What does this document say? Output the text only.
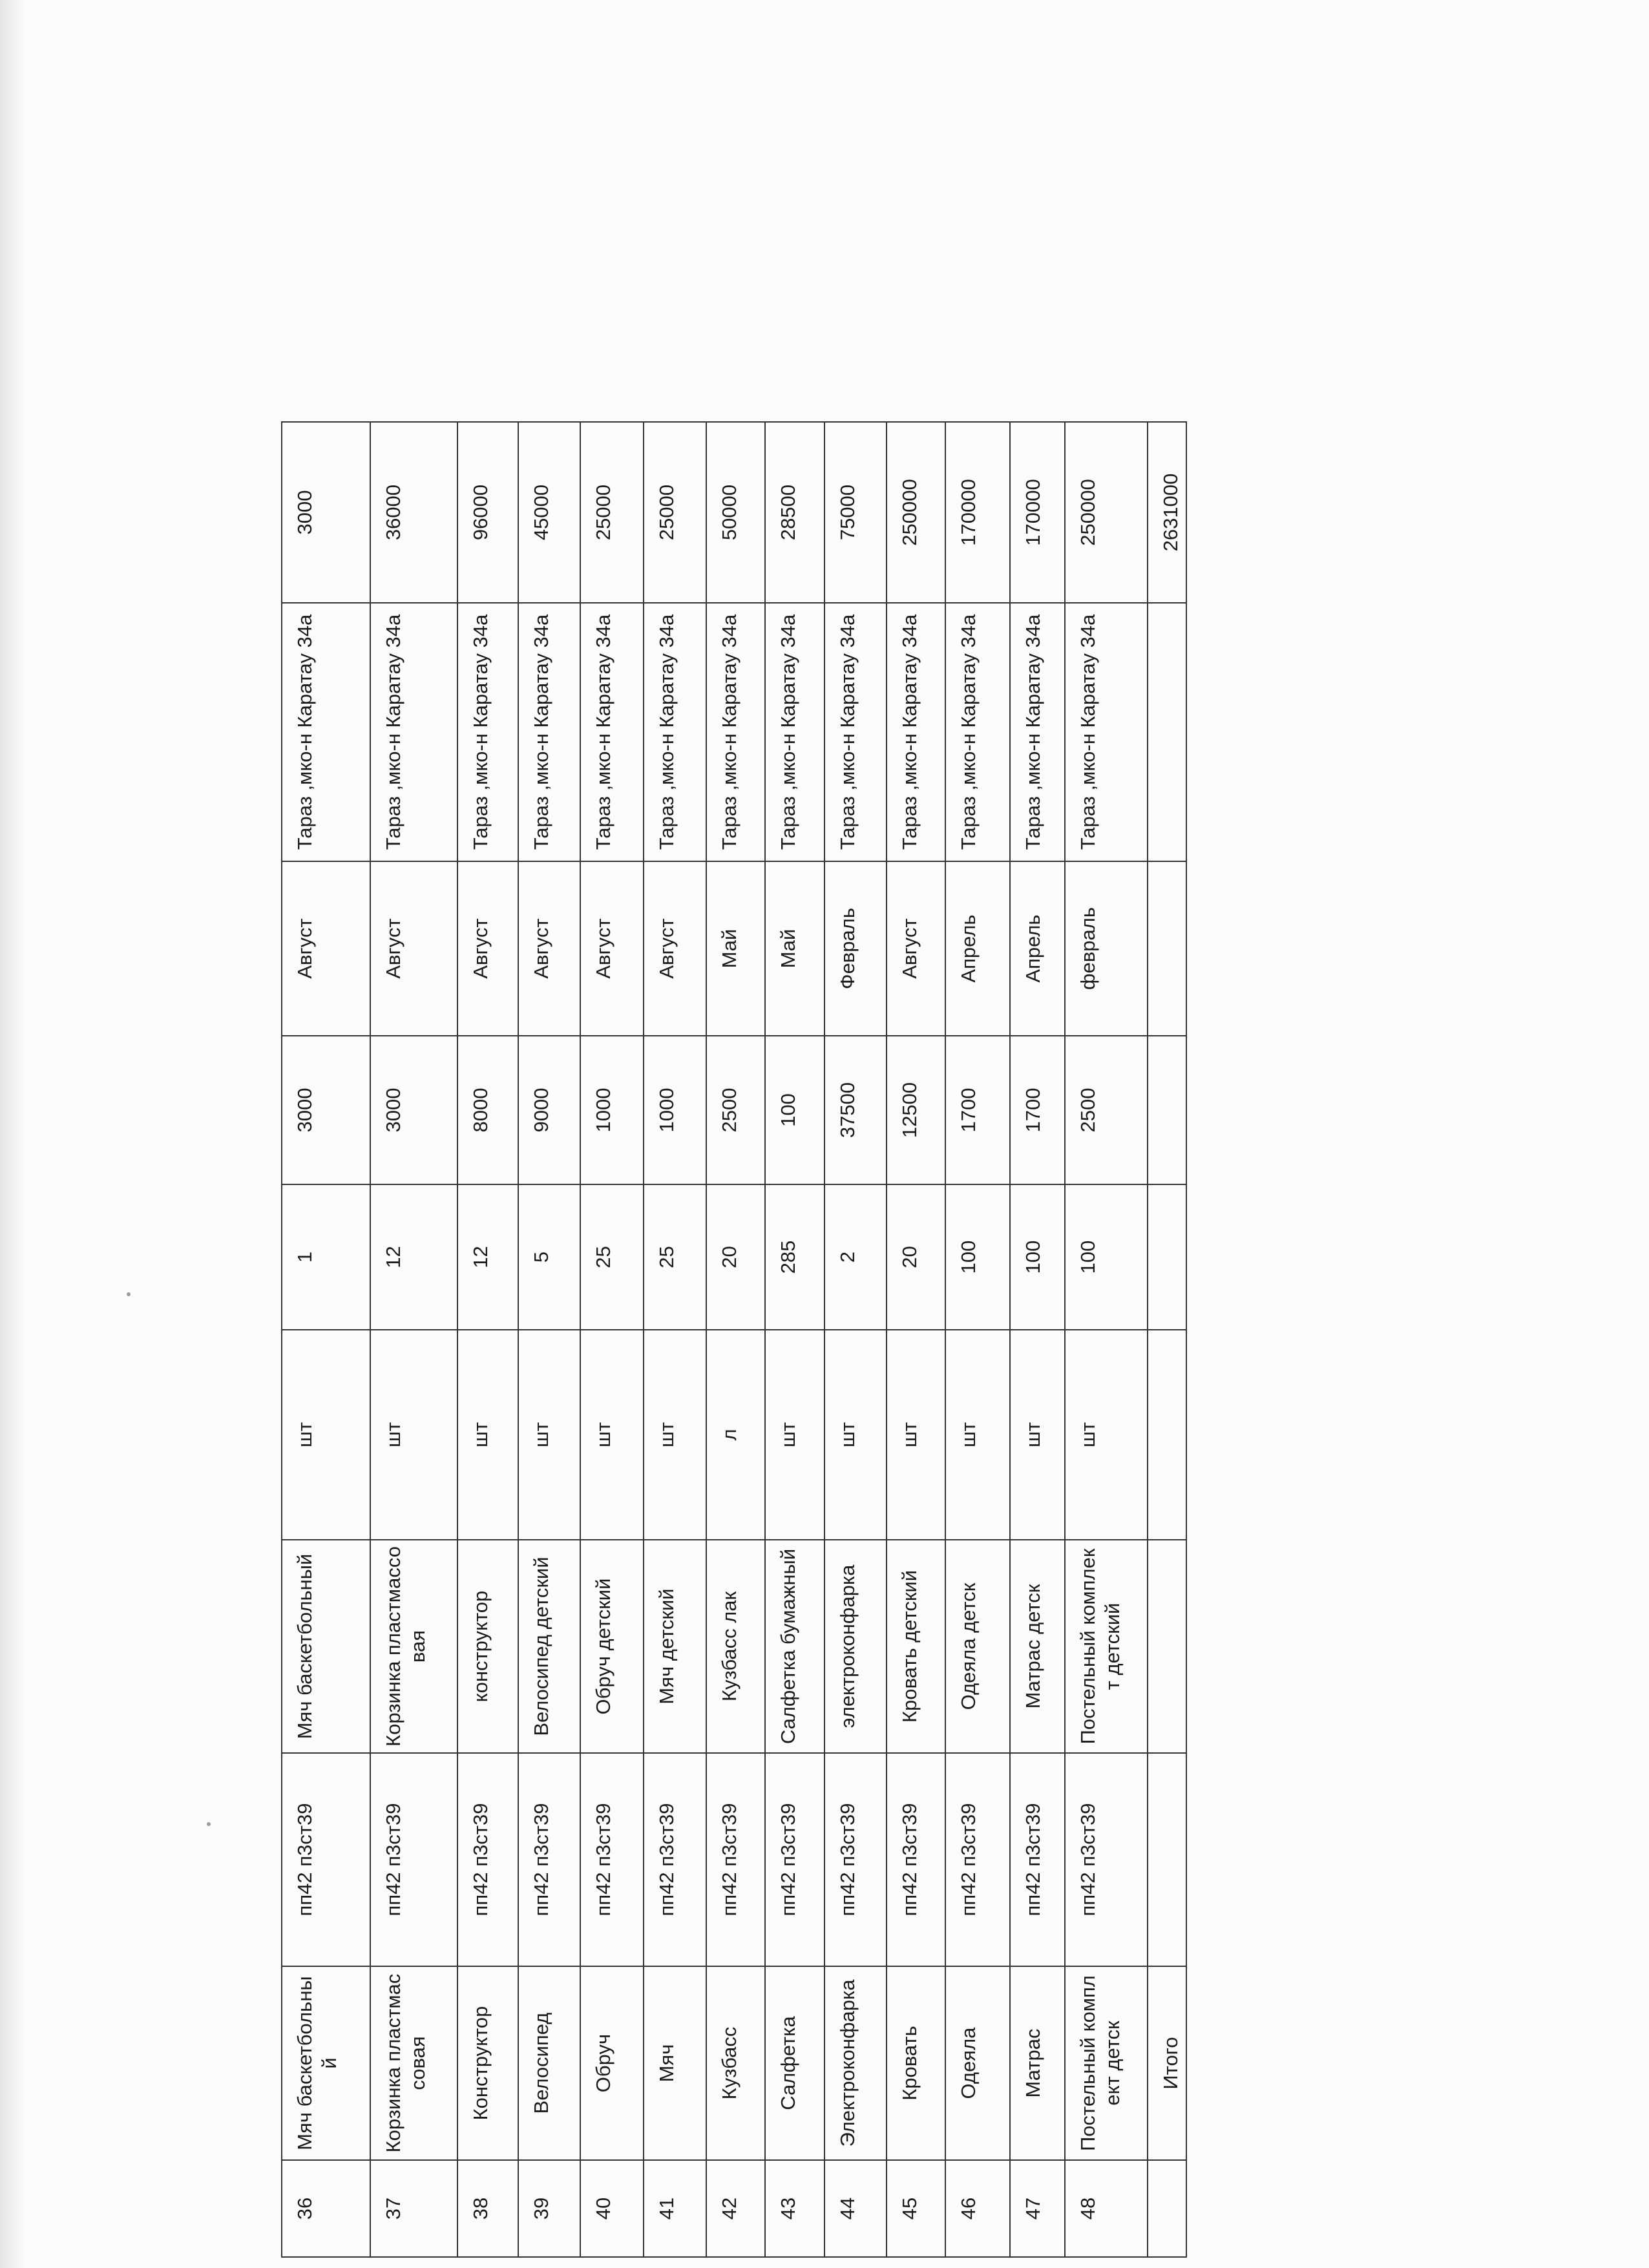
36	Мяч баскетбольный	пп42 п3ст39	Мяч баскетбольный	шт	1	3000	Август	Тараз ,мко-н Каратау 34а	3000
37	Корзинка пластмассовая	пп42 п3ст39	Корзинка пластмассовая	шт	12	3000	Август	Тараз ,мко-н Каратау 34а	36000
38	Конструктор	пп42 п3ст39	конструктор	шт	12	8000	Август	Тараз ,мко-н Каратау 34а	96000
39	Велосипед	пп42 п3ст39	Велосипед детский	шт	5	9000	Август	Тараз ,мко-н Каратау 34а	45000
40	Обруч	пп42 п3ст39	Обруч детский	шт	25	1000	Август	Тараз ,мко-н Каратау 34а	25000
41	Мяч	пп42 п3ст39	Мяч детский	шт	25	1000	Август	Тараз ,мко-н Каратау 34а	25000
42	Кузбасс	пп42 п3ст39	Кузбасс лак	л	20	2500	Май	Тараз ,мко-н Каратау 34а	50000
43	Салфетка	пп42 п3ст39	Салфетка бумажный	шт	285	100	Май	Тараз ,мко-н Каратау 34а	28500
44	Электроконфарка	пп42 п3ст39	электроконфарка	шт	2	37500	Февраль	Тараз ,мко-н Каратау 34а	75000
45	Кровать	пп42 п3ст39	Кровать детский	шт	20	12500	Август	Тараз ,мко-н Каратау 34а	250000
46	Одеяла	пп42 п3ст39	Одеяла детск	шт	100	1700	Апрель	Тараз ,мко-н Каратау 34а	170000
47	Матрас	пп42 п3ст39	Матрас детск	шт	100	1700	Апрель	Тараз ,мко-н Каратау 34а	170000
48	Постельный комплект детск	пп42 п3ст39	Постельный комплект детский	шт	100	2500	февраль	Тараз ,мко-н Каратау 34а	250000
	Итого								2631000
